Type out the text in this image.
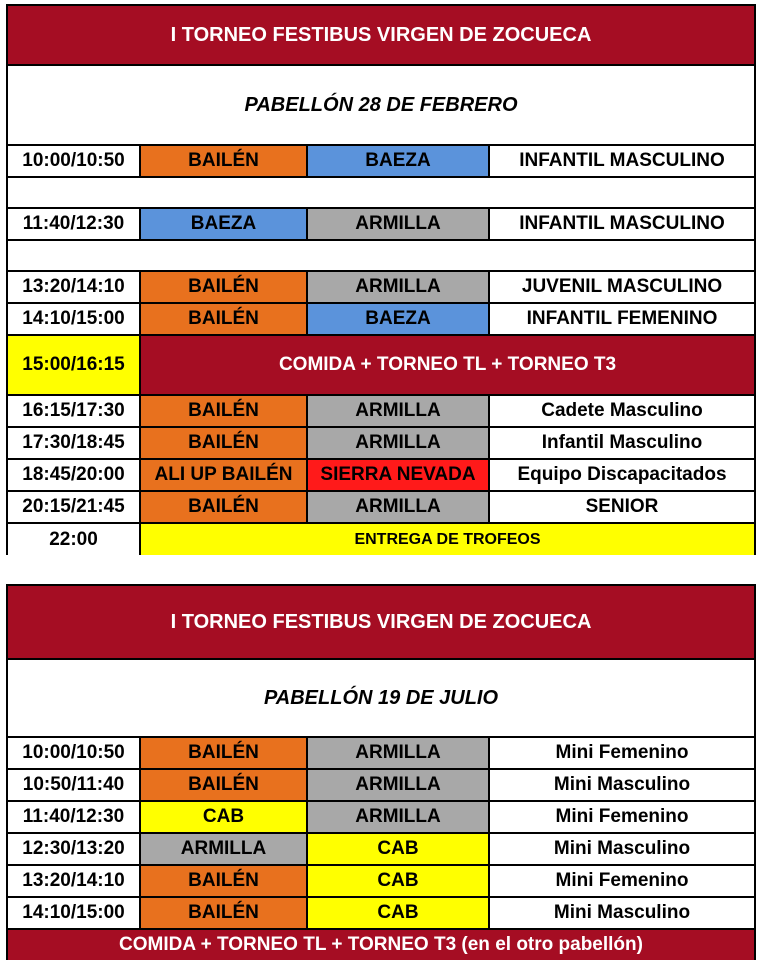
I TORNEO FESTIBUS VIRGEN DE ZOCUECA
PABELLÓN 28 DE FEBRERO
10:00/10:50	BAILÉN	BAEZA	INFANTIL MASCULINO
11:40/12:30	BAEZA	ARMILLA	INFANTIL MASCULINO
13:20/14:10	BAILÉN	ARMILLA	JUVENIL MASCULINO
14:10/15:00	BAILÉN	BAEZA	INFANTIL FEMENINO
15:00/16:15	COMIDA + TORNEO TL + TORNEO T3
16:15/17:30	BAILÉN	ARMILLA	Cadete Masculino
17:30/18:45	BAILÉN	ARMILLA	Infantil Masculino
18:45/20:00	ALI UP BAILÉN	SIERRA NEVADA	Equipo Discapacitados
20:15/21:45	BAILÉN	ARMILLA	SENIOR
22:00	ENTREGA DE TROFEOS
I TORNEO FESTIBUS VIRGEN DE ZOCUECA
PABELLÓN 19 DE JULIO
10:00/10:50	BAILÉN	ARMILLA	Mini Femenino
10:50/11:40	BAILÉN	ARMILLA	Mini Masculino
11:40/12:30	CAB	ARMILLA	Mini Femenino
12:30/13:20	ARMILLA	CAB	Mini Masculino
13:20/14:10	BAILÉN	CAB	Mini Femenino
14:10/15:00	BAILÉN	CAB	Mini Masculino
COMIDA + TORNEO TL + TORNEO T3 (en el otro pabellón)
